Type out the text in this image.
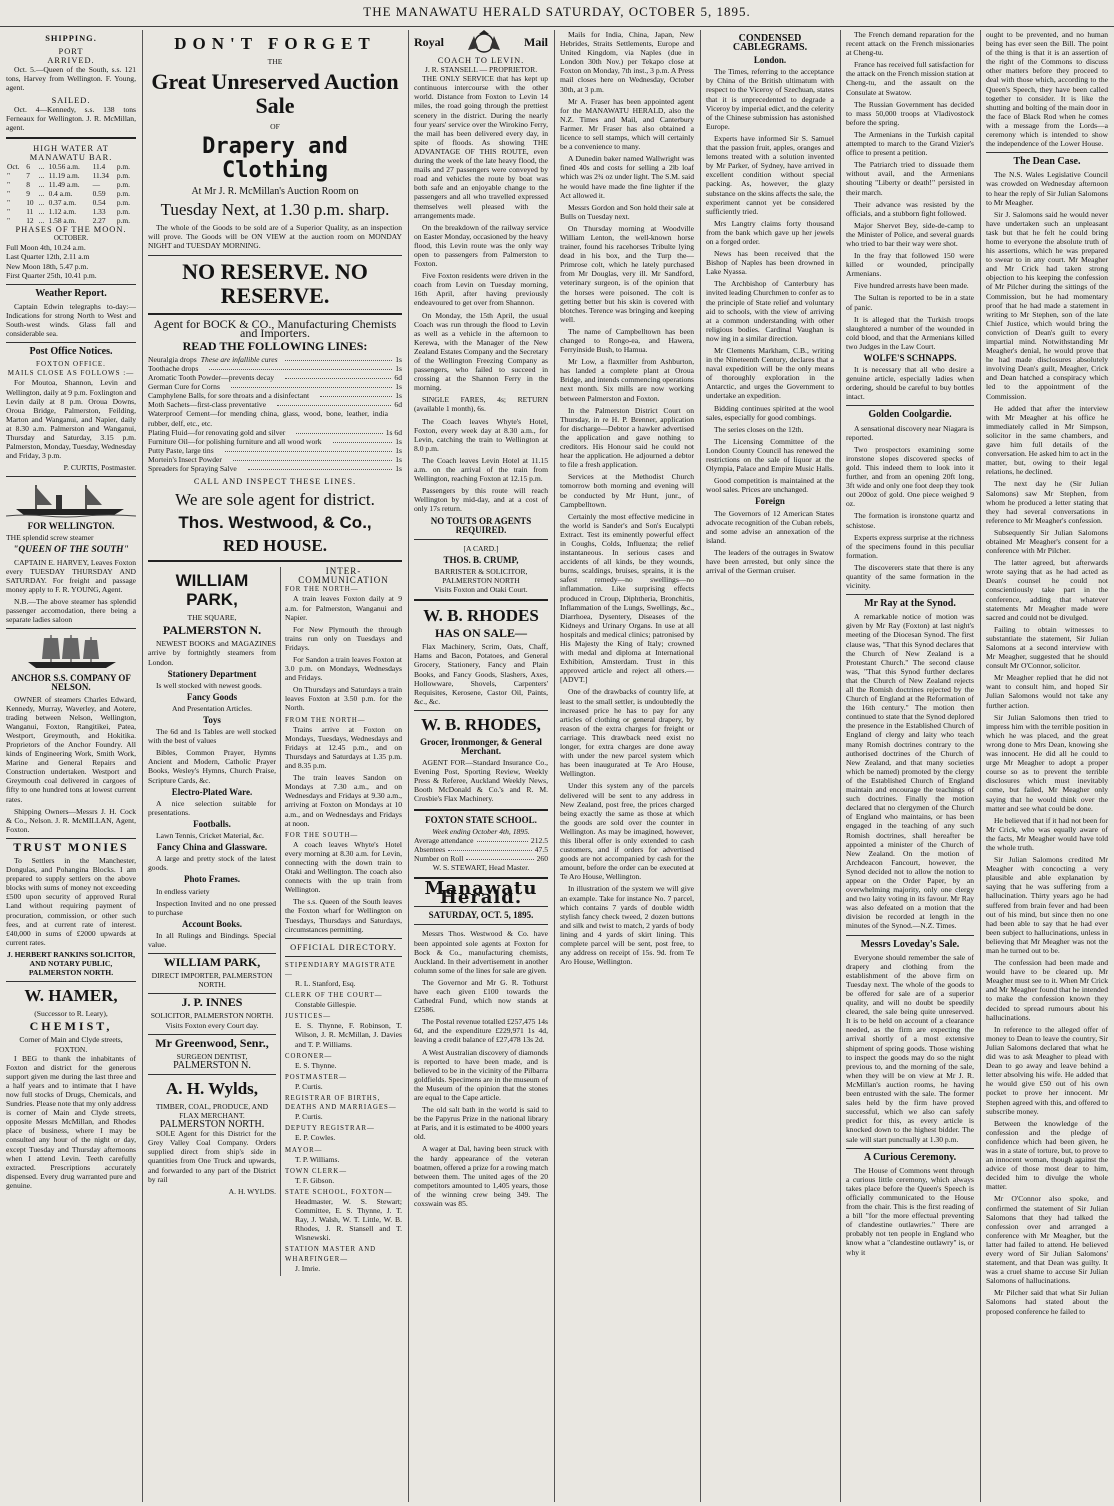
THE MANAWATU HERALD SATURDAY, OCTOBER 5, 1895.
SHIPPING.
PORT
ARRIVED.

Oct. 5.—Queen of the South, s.s. 121 tons, Harvey from Wellington. F. Young, agent.

SAILED.

Oct. 4—Kennedy, s.s. 138 tons Ferneaux for Wellington. J. R. McMillan, agent.

HIGH WATER AT MANAWATU BAR.
Oct.	6	...	10.56 a.m.	11.4	p.m.
"	7	...	11.19 a.m.	11.34	p.m.
"	8	...	11.49 a.m.	—	p.m.
"	9	...	0.4 a.m.	0.59	p.m.
"	10	...	0.37 a.m.	0.54	p.m.
"	11	...	1.12 a.m.	1.33	p.m.
"	12	...	1.58 a.m.	2.27	p.m.
PHASES OF THE MOON.
OCTOBER.
Full Moon 4th, 10.24 a.m.
Last Quarter 12th, 2.11 a.m
New Moon 18th, 5.47 p.m.
First Quarter 25th, 10.41 p.m.
Weather Report.

Captain Edwin telegraphs to-day:—Indications for strong North to West and South-west winds. Glass fall and considerable sea.

Post Office Notices.
FOXTON OFFICE.
MAILS CLOSE AS FOLLOWS :—

For Moutoa, Shannon, Levin and Wellington, daily at 9 p.m. Foxlington and Levin daily at 8 p.m. Oroua Downs, Oroua Bridge, Palmerston, Feilding, Marton and Wanganui, and Napier, daily at 8.30 a.m. Palmerston and Wanganui, Thursday and Saturday, 3.15 p.m. Palmerston, Monday, Tuesday, Wednesday and Friday, 3 p.m.

P. CURTIS, Postmaster.
FOR WELLINGTON.
THE splendid screw steamer
"QUEEN OF THE SOUTH"

CAPTAIN E. HARVEY, Leaves Foxton every TUESDAY THURSDAY AND SATURDAY. For freight and passage money apply to F. R. YOUNG, Agent.

N.B.—The above steamer has splendid passenger accomodation, there being a separate ladies saloon

ANCHOR S.S. COMPANY OF NELSON.

OWNER of steamers Charles Edward, Kennedy, Murray, Waverley, and Aotere, trading between Nelson, Wellington, Wanganui, Foxton, Rangitikei, Patea, Westport, Greymouth, and Hokitika. Proprietors of the Anchor Foundry. All kinds of Engineering Work, Smith Work, Marine and General Repairs and Construction undertaken. Westport and Greymouth coal delivered in cargoes of fifty to one hundred tons at lowest current rates.

Shipping Owners—Messrs J. H. Cock & Co., Nelson. J. R. McMILLAN, Agent, Foxton.

TRUST MONIES

To Settlers in the Manchester, Dongulas, and Pohangina Blocks. I am prepared to supply settlers on the above blocks with sums of money not exceeding £500 upon security of approved Rural Land without requiring payment of procuration, commission, or other such fees, and at current rate of interest. £40,000 in sums of £2000 upwards at current rates.

J. HERBERT RANKINS SOLICITOR, AND NOTARY PUBLIC, PALMERSTON NORTH.
W. HAMER,
(Successor to R. Leary),
CHEMIST,
Corner of Main and Clyde streets, FOXTON.

I BEG to thank the inhabitants of Foxton and district for the generous support given me during the last three and a half years and to intimate that I have now full stocks of Drugs, Chemicals, and Sundries. Please note that my only address is corner of Main and Clyde streets, opposite Messrs McMillan, and Rhodes place of business, where I may be consulted any hour of the night or day, except Tuesday and Thursday afternoons when I attend Levin. Teeth carefully extracted. Prescriptions accurately dispensed. Every drug warranted pure and genuine.

DON'T FORGET
THE
Great Unreserved Auction Sale
OF
Drapery and Clothing
At Mr J. R. McMillan's Auction Room on
Tuesday Next, at 1.30 p.m. sharp.

The whole of the Goods to be sold are of a Superior Quality, as an inspection will prove. The Goods will be ON VIEW at the auction room on MONDAY NIGHT and TUESDAY MORNING.

NO RESERVE. NO RESERVE.
Agent for BOCK & CO., Manufacturing Chemists and Importers.
READ THE FOLLOWING LINES:
Neuralgia drops These are infallible cures	1s
Toothache drops	1s
Aromatic Tooth Powder—prevents decay	6d
German Cure for Corns	1s
Camphylene Balls, for sore throats and a disinfectant	1s
Moth Sachets—first-class preventative	6d
Waterproof Cement—for mending china, glass, wood, bone, leather, india rubber, delf, etc., etc.
Plating Fluid—for renovating gold and silver	1s 6d
Furniture Oil—for polishing furniture and all wood work	1s
Putty Paste, large tins	1s
Mortein's Insect Powder	1s
Spreaders for Spraying Salve	1s
CALL AND INSPECT THESE LINES.
We are sole agent for district.
Thos. Westwood, & Co.,
RED HOUSE.
WILLIAM PARK,
THE SQUARE,
PALMERSTON N.

NEWEST BOOKS and MAGAZINES arrive by fortnightly steamers from London.

Stationery Department

Is well stocked with newest goods.

Fancy Goods
And Presentation Articles.
Toys

The 6d and 1s Tables are well stocked with the best of values

Bibles, Common Prayer, Hymns Ancient and Modern, Catholic Prayer Books, Wesley's Hymns, Church Praise, Scripture Cards, &c.

Electro-Plated Ware.

A nice selection suitable for presentations.

Footballs.

Lawn Tennis, Cricket Material, &c.

Fancy China and Glassware.

A large and pretty stock of the latest goods.

Photo Frames.

In endless variety

Inspection Invited and no one pressed to purchase

Account Books.

In all Rulings and Bindings. Special value.

WILLIAM PARK,
DIRECT IMPORTER, PALMERSTON NORTH.
J. P. INNES
SOLICITOR, PALMERSTON NORTH. Visits Foxton every Court day.
Mr Greenwood, Senr.,
SURGEON DENTIST,
PALMERSTON N.
A. H. Wylds,
TIMBER, COAL, PRODUCE, AND FLAX MERCHANT.
PALMERSTON NORTH.

SOLE Agent for this District for the Grey Valley Coal Company. Orders supplied direct from ship's side in quantities from One Truck and upwards, and forwarded to any part of the District by rail

A. H. WYLDS.
INTER-COMMUNICATION
FOR THE NORTH—

A train leaves Foxton daily at 9 a.m. for Palmerston, Wanganui and Napier.

For New Plymouth the through trains run only on Tuesdays and Fridays.

For Sandon a train leaves Foxton at 3.0 p.m. on Mondays, Wednesdays and Fridays.

On Thursdays and Saturdays a train leaves Foxton at 3.50 p.m. for the North.

FROM THE NORTH—

Trains arrive at Foxton on Mondays, Tuesdays, Wednesdays and Fridays at 12.45 p.m., and on Thursdays and Saturdays at 1.35 p.m. and 8.35 p.m.

The train leaves Sandon on Mondays at 7.30 a.m., and on Wednesdays and Fridays at 9.30 a.m., arriving at Foxton on Mondays at 10 a.m., and on Wednesdays and Fridays at noon.

FOR THE SOUTH—

A coach leaves Whyte's Hotel every morning at 8.30 a.m. for Levin, connecting with the down train to Otaki and Wellington. The coach also connects with the up train from Wellington.

The s.s. Queen of the South leaves the Foxton wharf for Wellington on Tuesdays, Thursdays and Saturdays, circumstances permitting.

OFFICIAL DIRECTORY.
STIPENDIARY MAGISTRATE—
R. L. Stanford, Esq.
CLERK OF THE COURT—
Constable Gillespie.
JUSTICES—
E. S. Thynne, F. Robinson, T. Wilson, J. R. McMillan, J. Davies and T. P. Williams.
CORONER—
E. S. Thynne.
POSTMASTER—
P. Curtis.
REGISTRAR OF BIRTHS, DEATHS AND MARRIAGES—
P. Curtis.
DEPUTY REGISTRAR—
E. P. Cowles.
MAYOR—
T. P. Williams.
TOWN CLERK—
T. F. Gibson.
STATE SCHOOL, FOXTON—
Headmaster, W. S. Stewart; Committee, E. S. Thynne, J. T. Ray, J. Walsh, W. T. Little, W. B. Rhodes, J. R. Stansell and T. Wisnewski.
STATION MASTER AND WHARFINGER—
J. Imrie.
Royal	Mail
COACH TO LEVIN.
J. R. STANSELL — PROPRIETOR.

THE ONLY SERVICE that has kept up continuous intercourse with the other world. Distance from Foxton to Levin 14 miles, the road going through the prettiest scenery in the district. During the nearly four years' service over the Wirokino Ferry, the mail has been delivered every day, in spite of floods. As showing THE ADVANTAGE OF THIS ROUTE, even during the week of the late heavy flood, the mails and 27 passengers were conveyed by road and vehicles the route by boat was both safe and an enjoyable change to the passengers and all who travelled expressed themselves well pleased with the arrangements made.

On the breakdown of the railway service on Easter Monday, occasioned by the heavy flood, this Levin route was the only way open to passengers from Palmerston to Foxton.

Five Foxton residents were driven in the coach from Levin on Tuesday morning, 16th April, after having previously endeavoured to get over from Shannon.

On Monday, the 15th April, the usual Coach was run through the flood to Levin as well as a vehicle in the afternoon to Kerewa, with the Manager of the New Zealand Estates Company and the Secretary of the Wellington Freezing Company as passengers, who failed to succeed in crossing at the Shannon Ferry in the morning.

SINGLE FARES, 4s; RETURN (available 1 month), 6s.

The Coach leaves Whyte's Hotel, Foxton, every week day at 8.30 a.m., for Levin, catching the train to Wellington at 8.0 p.m.

The Coach leaves Levin Hotel at 11.15 a.m. on the arrival of the train from Wellington, reaching Foxton at 12.15 p.m.

Passengers by this route will reach Wellington by mid-day, and at a cost of only 17s return.

NO TOUTS OR AGENTS REQUIRED.
[A CARD.]
THOS. B. CRUMP,
BARRISTER & SOLICITOR,
PALMERSTON NORTH
Visits Foxton and Otaki Court.
W. B. RHODES
HAS ON SALE—

Flax Machinery, Scrim, Oats, Chaff, Hams and Bacon, Potatoes, and General Grocery, Stationery, Fancy and Plain Books, and Fancy Goods, Slashers, Axes, Hollowware, Shovels, Carpenters' Requisites, Kerosene, Castor Oil, Paints, &c., &c.

W. B. RHODES,
Grocer, Ironmonger, & General Merchant.

AGENT FOR—Standard Insurance Co., Evening Post, Sporting Review, Weekly Press & Referee, Auckland Weekly News, Booth McDonald & Co.'s and R. M. Crosbie's Flax Machinery.

FOXTON STATE SCHOOL.
Week ending October 4th, 1895.
Average attendance	212.5
Absentees	47.5
Number on Roll	260
W. S. STEWART, Head Master.
Manawatu Herald.
SATURDAY, OCT. 5, 1895.

Messrs Thos. Westwood & Co. have been appointed sole agents at Foxton for Bock & Co., manufacturing chemists, Auckland. In their advertisement in another column some of the lines for sale are given.

The Governor and Mr G. R. Tothurst have each given £100 towards the Cathedral Fund, which now stands at £2586.

The Postal revenue totalled £257,475 14s 6d, and the expenditure £229,971 1s 4d, leaving a credit balance of £27,478 13s 2d.

A West Australian discovery of diamonds is reported to have been made, and is believed to be in the vicinity of the Pilbarra goldfields. Specimens are in the museum of the Museum of the opinion that the stones are equal to the Cape article.

The old salt bath in the world is said to be the Papyrus Prize in the national library at Paris, and it is estimated to be 4000 years old.

A wager at Dal, having been struck with the hardy appearance of the veteran boatmen, offered a prize for a rowing match between them. The united ages of the 20 competitors amounted to 1,405 years, those of the winning crew being 349. The coxswain was 85.

Mails for India, China, Japan, New Hebrides, Straits Settlements, Europe and United Kingdom, via Naples (due in London 30th Nov.) per Tekapo close at Foxton on Monday, 7th inst., 3 p.m. A Press mail closes here on Wednesday, October 30th, at 3 p.m.

Mr A. Fraser has been appointed agent for the MANAWATU HERALD, also the N.Z. Times and Mail, and Canterbury Farmer. Mr Fraser has also obtained a licence to sell stamps, which will certainly be a convenience to many.

A Dunedin baker named Wallwright was fined 40s and costs for selling a 2lb loaf which was 2¾ oz under light. The S.M. said he would have made the fine lighter if the Act allowed it.

Messrs Gordon and Son hold their sale at Bulls on Tuesday next.

On Thursday morning at Woodville William Lenton, the well-known horse trainer, found his racehorses Tribulte lying dead in his box, and the Turp the—Primrose colt, which he lately purchased from Mr Douglas, very ill. Mr Sandford, veterinary surgeon, is of the opinion that the horses were poisoned. The colt is getting better but his skin is covered with blotches. Terence was bringing and keeping well.

The name of Campbelltown has been changed to Rongo-ea, and Hawera, Ferryinside Bush, to Hamua.

Mr Low, a flaxmiller from Ashburton, has landed a complete plant at Oroua Bridge, and intends commencing operations next month. Six mills are now working between Palmerston and Foxton.

In the Palmerston District Court on Thursday, in re H. P. Brenner, application for discharge—Debtor a hawker advertised the application and gave nothing to creditors. His Honour said he could not hear the application. He adjourned a debtor to file a fresh application.

Services at the Methodist Church tomorrow both morning and evening will be conducted by Mr Hunt, junr., of Campbelltown.

Certainly the most effective medicine in the world is Sander's and Son's Eucalypti Extract. Test its eminently powerful effect in Coughs, Colds, Influenza; the relief instantaneous. In serious cases and accidents of all kinds, be they wounds, burns, scaldings, bruises, sprains, it is the safest remedy—no swellings—no inflammation. Like surprising effects produced in Croup, Diphtheria, Bronchitis, Inflammation of the Lungs, Swellings, &c., Diarrhoea, Dysentery, Diseases of the Kidneys and Urinary Organs. In use at all hospitals and medical clinics; patronised by His Majesty the King of Italy; crowned with medal and diploma at International Exhibition, Amsterdam. Trust in this approved article and reject all others.—[ADVT.]

One of the drawbacks of country life, at least to the small settler, is undoubtedly the increased price he has to pay for any articles of clothing or general drapery, by reason of the extra charges for freight or carriage. This drawback need exist no longer, for extra charges are done away with under the new parcel system which has been inaugurated at Te Aro House, Wellington.

Under this system any of the parcels delivered will be sent to any address in New Zealand, post free, the prices charged being exactly the same as those at which the goods are sold over the counter in Wellington. As may be imagined, however, this liberal offer is only extended to cash customers, and if orders for advertised goods are not accompanied by cash for the amount, before the order can be executed at Te Aro House, Wellington.

In illustration of the system we will give an example. Take for instance No. 7 parcel, which contains 7 yards of double width stylish fancy check tweed, 2 dozen buttons and silk and twist to match, 2 yards of body lining and 4 yards of skirt lining. This complete parcel will be sent, post free, to any address on receipt of 15s. 9d. from Te Aro House, Wellington.

CONDENSED CABLEGRAMS.
London.

The Times, referring to the acceptance by China of the British ultimatum with respect to the Viceroy of Szechuan, states that it is unprecedented to degrade a Viceroy by imperial edict, and the celerity of the Chinese submission has astonished Europe.

Experts have informed Sir S. Samuel that the passion fruit, apples, oranges and lemons treated with a solution invented by Mr Parker, of Sydney, have arrived in excellent condition without special packing. As, however, the glazy substance on the skins affects the sale, the experiment cannot yet be considered sufficiently tried.

Mrs Langtry claims forty thousand from the bank which gave up her jewels on a forged order.

News has been received that the Bishop of Naples has been drowned in Lake Nyassa.

The Archbishop of Canterbury has invited leading Churchmen to confer as to the principle of State relief and voluntary aid to schools, with the view of arriving at a common understanding with other religious bodies. Cardinal Vaughan is now ing in a similar direction.

Mr Clements Markham, C.B., writing in the Nineteenth Century, declares that a naval expedition will be the only means of thoroughly exploration in the Antarctic, and urges the Government to undertake an expedition.

Bidding continues spirited at the wool sales, especially for good combings.

The series closes on the 12th.

The Licensing Committee of the London County Council has renewed the restrictions on the sale of liquor at the Olympia, Palace and Empire Music Halls.

Good competition is maintained at the wool sales. Prices are unchanged.

Foreign

The Governors of 12 American States advocate recognition of the Cuban rebels, and some advise an annexation of the island.

The leaders of the outrages in Swatow have been arrested, but only since the arrival of the German cruiser.

The French demand reparation for the recent attack on the French missionaries at Cheng-tu.

France has received full satisfaction for the attack on the French mission station at Cheng-tu, and the assault on the Consulate at Swatow.

The Russian Government has decided to mass 50,000 troops at Vladivostock before the spring.

The Armenians in the Turkish capital attempted to march to the Grand Vizier's office to present a petition.

The Patriarch tried to dissuade them without avail, and the Armenians shouting "Liberty or death!" persisted in their march.

Their advance was resisted by the officials, and a stubborn fight followed.

Major Shervet Bey, side-de-camp to the Minister of Police, and several guards who tried to bar their way were shot.

In the fray that followed 150 were killed or wounded, principally Armenians.

Five hundred arrests have been made.

The Sultan is reported to be in a state of panic.

It is alleged that the Turkish troops slaughtered a number of the wounded in cold blood, and that the Armenians killed two Judges in the Law Court.

WOLFE'S SCHNAPPS.

It is necessary that all who desire a genuine article, especially ladies when ordering, should be careful to buy bottles intact.

Golden Coolgardie.

A sensational discovery near Niagara is reported.

Two prospectors examining some ironstone slopes discovered specks of gold. This indeed them to look into it further, and from an opening 20ft long, 3ft wide and only one foot deep they took out 200oz of gold. One piece weighed 9 oz.

The formation is ironstone quartz and schistose.

Experts express surprise at the richness of the specimens found in this peculiar formation.

The discoverers state that there is any quantity of the same formation in the vicinity.

Mr Ray at the Synod.

A remarkable notice of motion was given by Mr Ray (Foxton) at last night's meeting of the Diocesan Synod. The first clause was, "That this Synod declares that the Church of New Zealand is a Protestant Church." The second clause was, "That this Synod further declares that the Church of New Zealand rejects all the Romish doctrines rejected by the Church of England at the Reformation of the 16th century." The motion then continued to state that the Synod deplored the presence in the Established Church of England of clergy and laity who teach many Romish doctrines contrary to the authorised doctrines of the Church of New Zealand, and that many societies which be named) promoted by the clergy of the Established Church of England maintain and encourage the teachings of such doctrines. Finally the motion declared that no clergymen of the Church of England who maintains, or has been engaged in the teaching of any such Romish doctrines, shall hereafter be appointed a minister of the Church of New Zealand. On the motion of Archdeacon Fancourt, however, the Synod decided not to allow the notion to appear on the Order Paper, by an overwhelming majority, only one clergy and two laity voting in its favour. Mr Ray was also defeated on a motion that the division be recorded at length in the minutes of the Synod.—N.Z. Times.

Messrs Loveday's Sale.

Everyone should remember the sale of drapery and clothing from the establishment of the above firm on Tuesday next. The whole of the goods to be offered for sale are of a superior quality, and will no doubt be speedily cleared, the sale being quite unreserved. It is to be held on account of a clearance needed, as the firm are expecting the arrival shortly of a most extensive shipment of spring goods. Those wishing to inspect the goods may do so the night previous to, and the morning of the sale, when they will be on view at Mr J. R. McMillan's auction rooms, he having been entrusted with the sale. The former sales held by the firm have proved successful, which we also can safely predict for this, as every article is knocked down to the highest bidder. The sale will start punctually at 1.30 p.m.

A Curious Ceremony.

The House of Commons went through a curious little ceremony, which always takes place before the Queen's Speech is officially communicated to the House from the chair. This is the first reading of a bill "for the more effectual preventing of clandestine outlawries." There are probably not ten people in England who know what a "clandestine outlawry" is, or why it

ought to be prevented, and no human being has ever seen the Bill. The point of the thing is that it is an assertion of the right of the Commons to discuss other matters before they proceed to deal with those which, according to the Queen's Speech, they have been called together to consider. It is like the shutting and bolting of the main door in the face of Black Rod when he comes with a message from the Lords—a ceremony which is intended to show the independence of the Lower House.

The Dean Case.

The N.S. Wales Legislative Council was crowded on Wednesday afternoon to hear the reply of Sir Julian Salomons to Mr Meagher.

Sir J. Salomons said he would never have undertaken such an unpleasant task but that he felt he could bring home to everyone the absolute truth of his assertions, which he was prepared to swear to in any court. Mr Meagher and Mr Crick had taken strong objection to his keeping the confession of Mr Pilcher during the sittings of the Commission, but he had momentary proof that he had made a statement in writing to Mr Stephen, son of the late Chief Justice, which would bring the conviction of Dean's guilt to every impartial mind. Notwithstanding Mr Meagher's denial, he would prove that he had made disclosures absolutely involving Dean's guilt, Meagher, Crick and Dean hatched a conspiracy which led to the appointment of the Commission.

He added that after the interview with Mr Meagher at his office he immediately called in Mr Simpson, solicitor in the same chambers, and gave him full details of the conversation. He asked him to act in the matter, but, owing to their legal relations, he declined.

The next day he (Sir Julian Salomons) saw Mr Stephen, from whom he produced a letter stating that they had several conversations in reference to Mr Meagher's confession.

Subsequently Sir Julian Salomons obtained Mr Meagher's consent for a conference with Mr Pilcher.

The latter agreed, but afterwards wrote saying that as he had acted as Dean's counsel he could not conscientiously take part in the conference, adding that whatever statements Mr Meagher made were sacred and could not be divulged.

Failing to obtain witnesses to substantiate the statement, Sir Julian Salomons at a second interview with Mr Meagher, suggested that he should consult Mr O'Connor, solicitor.

Mr Meagher replied that he did not want to consult him, and hoped Sir Julian Salomons would not take any further action.

Sir Julian Salomons then tried to impress him with the terrible position in which he was placed, and the great wrong done to Mrs Dean, knowing she was innocent. He did all he could to urge Mr Meagher to adopt a proper course so as to prevent the terrible disclosures which must inevitably come, but failed, Mr Meagher only saying that he would think over the matter and see what could be done.

He believed that if it had not been for Mr Crick, who was equally aware of the facts, Mr Meagher would have told the whole truth.

Sir Julian Salomons credited Mr Meagher with concocting a very plausible and able explanation by saying that he was suffering from a hallucination. Thirty years ago he had suffered from brain fever and had been out of his mind, but since then no one had been able to say that he had ever been subject to hallucinations, unless in believing that Mr Meagher was not the man he turned out to be.

The confession had been made and would have to be cleared up. Mr Meagher must see to it. When Mr Crick and Mr Meagher found that he intended to make the confession known they decided to spread rumours about his hallucinations.

In reference to the alleged offer of money to Dean to leave the country, Sir Julian Salomons declared that what he did was to ask Meagher to plead with Dean to go away and leave behind a letter absolving his wife. He added that he would give £50 out of his own pocket to prove her innocent. Mr Stephen agreed with this, and offered to subscribe money.

Between the knowledge of the confession and the pledge of confidence which had been given, he was in a state of torture, but, to prove to an innocent woman, though against the advice of those most dear to him, decided him to divulge the whole matter.

Mr O'Connor also spoke, and confirmed the statement of Sir Julian Salomons that they had talked the confession over and arranged a conference with Mr Meagher, but the latter had failed to attend. He believed every word of Sir Julian Salomons' statement, and that Dean was guilty. It was a cruel shame to accuse Sir Julian Salomons of hallucinations.

Mr Pilcher said that what Sir Julian Salomons had stated about the proposed conference he failed to
